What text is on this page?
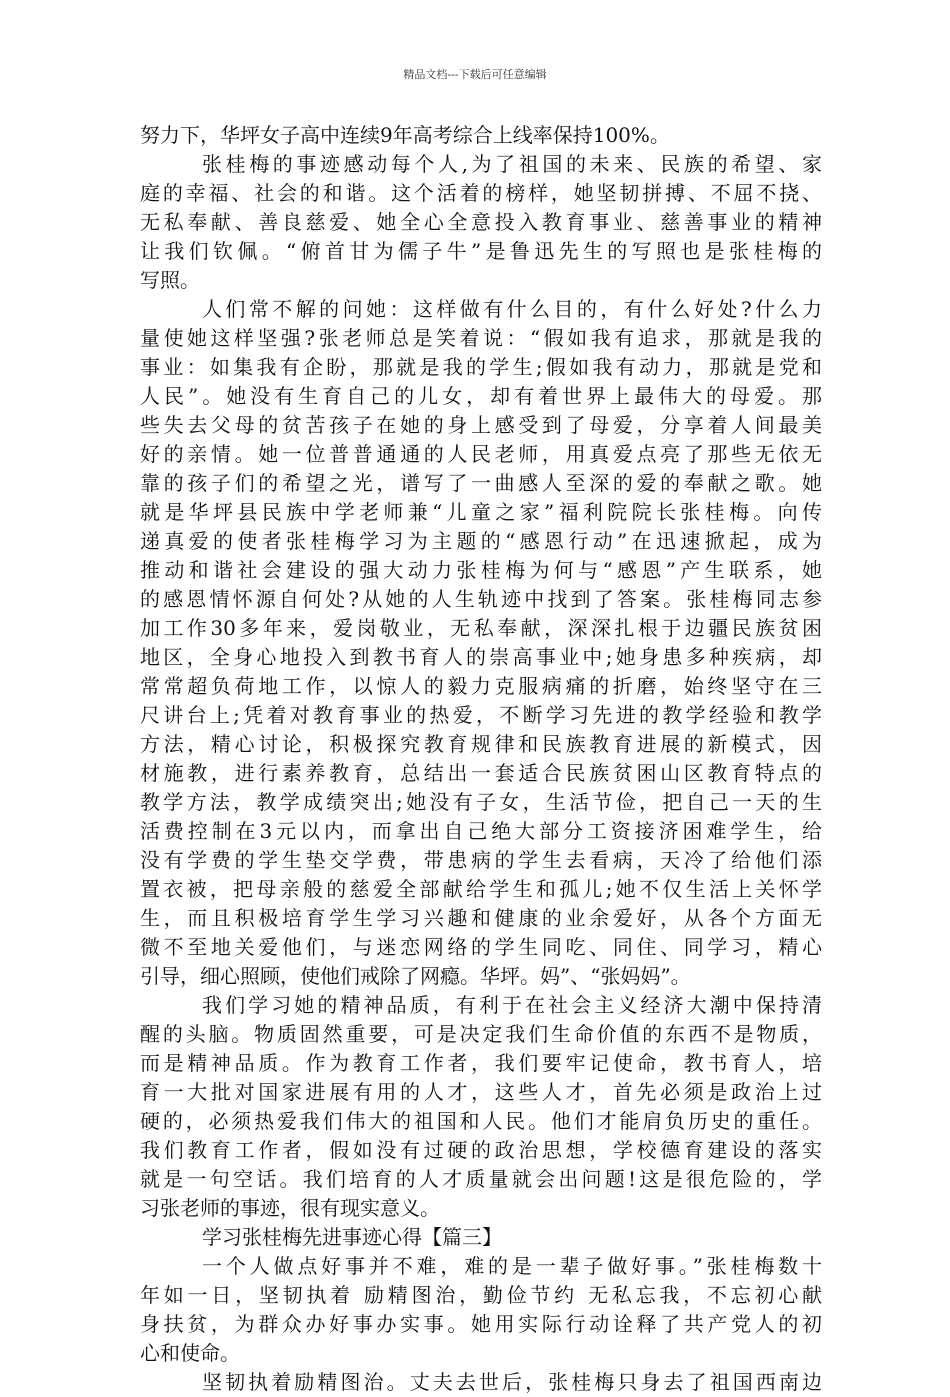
精品文档---下载后可任意编辑
努力下，华坪女子高中连续9年高考综合上线率保持100%。
张桂梅的事迹感动每个人,为了祖国的未来、民族的希望、家
庭的幸福、社会的和谐。这个活着的榜样，她坚韧拼搏、不屈不挠、
无私奉献、善良慈爱、她全心全意投入教育事业、慈善事业的精神
让我们钦佩。“俯首甘为儒子牛”是鲁迅先生的写照也是张桂梅的
写照。
人们常不解的问她：这样做有什么目的，有什么好处?什么力
量使她这样坚强?张老师总是笑着说：“假如我有追求，那就是我的
事业：如集我有企盼，那就是我的学生;假如我有动力，那就是党和
人民”。她没有生育自己的儿女，却有着世界上最伟大的母爱。那
些失去父母的贫苦孩子在她的身上感受到了母爱，分享着人间最美
好的亲情。她一位普普通通的人民老师，用真爱点亮了那些无依无
靠的孩子们的希望之光，谱写了一曲感人至深的爱的奉献之歌。她
就是华坪县民族中学老师兼“儿童之家”福利院院长张桂梅。向传
递真爱的使者张桂梅学习为主题的“感恩行动”在迅速掀起，成为
推动和谐社会建设的强大动力张桂梅为何与“感恩”产生联系，她
的感恩情怀源自何处?从她的人生轨迹中找到了答案。张桂梅同志参
加工作30多年来，爱岗敬业，无私奉献，深深扎根于边疆民族贫困
地区，全身心地投入到教书育人的崇高事业中;她身患多种疾病，却
常常超负荷地工作，以惊人的毅力克服病痛的折磨，始终坚守在三
尺讲台上;凭着对教育事业的热爱，不断学习先进的教学经验和教学
方法，精心讨论，积极探究教育规律和民族教育进展的新模式，因
材施教，进行素养教育，总结出一套适合民族贫困山区教育特点的
教学方法，教学成绩突出;她没有子女，生活节俭，把自己一天的生
活费控制在3元以内，而拿出自己绝大部分工资接济困难学生，给
没有学费的学生垫交学费，带患病的学生去看病，天冷了给他们添
置衣被，把母亲般的慈爱全部献给学生和孤儿;她不仅生活上关怀学
生，而且积极培育学生学习兴趣和健康的业余爱好，从各个方面无
微不至地关爱他们，与迷恋网络的学生同吃、同住、同学习，精心
引导，细心照顾，使他们戒除了网瘾。华坪。妈”、“张妈妈”。
我们学习她的精神品质，有利于在社会主义经济大潮中保持清
醒的头脑。物质固然重要，可是决定我们生命价值的东西不是物质，
而是精神品质。作为教育工作者，我们要牢记使命，教书育人，培
育一大批对国家进展有用的人才，这些人才，首先必须是政治上过
硬的，必须热爱我们伟大的祖国和人民。他们才能肩负历史的重任。
我们教育工作者，假如没有过硬的政治思想，学校德育建设的落实
就是一句空话。我们培育的人才质量就会出问题!这是很危险的，学
习张老师的事迹，很有现实意义。
学习张桂梅先进事迹心得【篇三】
一个人做点好事并不难，难的是一辈子做好事。”张桂梅数十
年如一日，坚韧执着 励精图治，勤俭节约 无私忘我，不忘初心献
身扶贫，为群众办好事办实事。她用实际行动诠释了共产党人的初
心和使命。
坚韧执着励精图治。丈夫去世后，张桂梅只身去了祖国西南边
